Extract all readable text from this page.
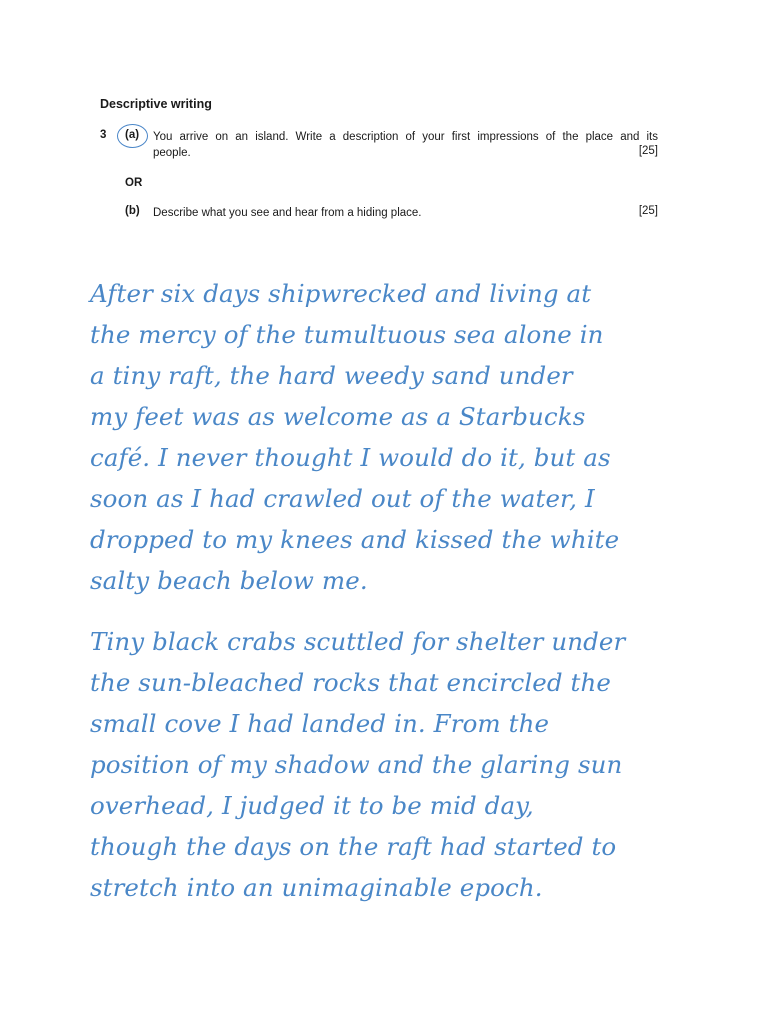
Descriptive writing
3 (a) You arrive on an island. Write a description of your first impressions of the place and its
people.	[25]
OR
(b) Describe what you see and hear from a hiding place.	[25]
After six days shipwrecked and living at
the mercy of the tumultuous sea alone in
a tiny raft, the hard weedy sand under
my feet was as welcome as a Starbucks
café. I never thought I would do it, but as
soon as I had crawled out of the water, I
dropped to my knees and kissed the white
salty beach below me.
Tiny black crabs scuttled for shelter under
the sun-bleached rocks that encircled the
small cove I had landed in. From the
position of my shadow and the glaring sun
overhead, I judged it to be mid day,
though the days on the raft had started to
stretch into an unimaginable epoch.
